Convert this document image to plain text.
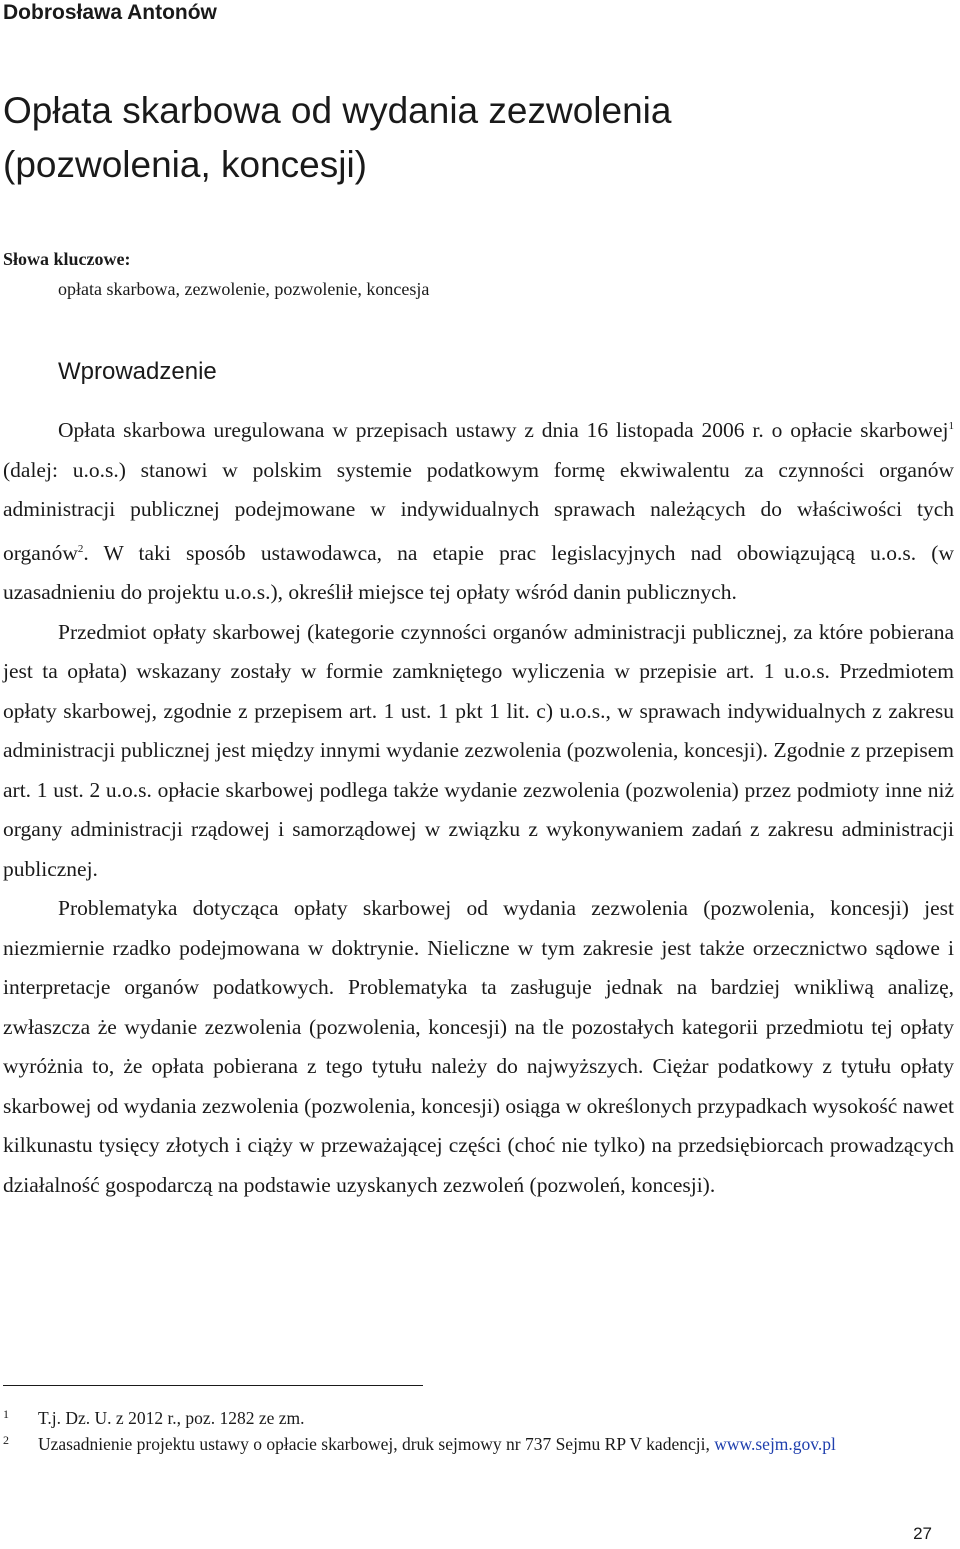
Dobrosława Antonów
Opłata skarbowa od wydania zezwolenia
(pozwolenia, koncesji)
Słowa kluczowe:
opłata skarbowa, zezwolenie, pozwolenie, koncesja
Wprowadzenie

Opłata skarbowa uregulowana w przepisach ustawy z dnia 16 listopada 2006 r. o opłacie skarbowej$^1$ (dalej: u.o.s.) stanowi w polskim systemie podatkowym formę ekwiwalentu za czynności organów administracji publicznej podejmowane w indywidualnych sprawach należących do właściwości tych organów$^2$. W taki sposób ustawodawca, na etapie prac legislacyjnych nad obowiązującą u.o.s. (w uzasadnieniu do projektu u.o.s.), określił miejsce tej opłaty wśród danin publicznych.

Przedmiot opłaty skarbowej (kategorie czynności organów administracji publicznej, za które pobierana jest ta opłata) wskazany zostały w formie zamkniętego wyliczenia w przepisie art. 1 u.o.s. Przedmiotem opłaty skarbowej, zgodnie z przepisem art. 1 ust. 1 pkt 1 lit. c) u.o.s., w sprawach indywidualnych z zakresu administracji publicznej jest między innymi wydanie zezwolenia (pozwolenia, koncesji). Zgodnie z przepisem art. 1 ust. 2 u.o.s. opłacie skarbowej podlega także wydanie zezwolenia (pozwolenia) przez podmioty inne niż organy administracji rządowej i samorządowej w związku z wykonywaniem zadań z zakresu administracji publicznej.

Problematyka dotycząca opłaty skarbowej od wydania zezwolenia (pozwolenia, koncesji) jest niezmiernie rzadko podejmowana w doktrynie. Nieliczne w tym zakresie jest także orzecznictwo sądowe i interpretacje organów podatkowych. Problematyka ta zasługuje jednak na bardziej wnikliwą analizę, zwłaszcza że wydanie zezwolenia (pozwolenia, koncesji) na tle pozostałych kategorii przedmiotu tej opłaty wyróżnia to, że opłata pobierana z tego tytułu należy do najwyższych. Ciężar podatkowy z tytułu opłaty skarbowej od wydania zezwolenia (pozwolenia, koncesji) osiąga w określonych przypadkach wysokość nawet kilkunastu tysięcy złotych i ciąży w przeważającej części (choć nie tylko) na przedsiębiorcach prowadzących działalność gospodarczą na podstawie uzyskanych zezwoleń (pozwoleń, koncesji).

1 T.j. Dz. U. z 2012 r., poz. 1282 ze zm.
2 Uzasadnienie projektu ustawy o opłacie skarbowej, druk sejmowy nr 737 Sejmu RP V kadencji, www.sejm.gov.pl
27
